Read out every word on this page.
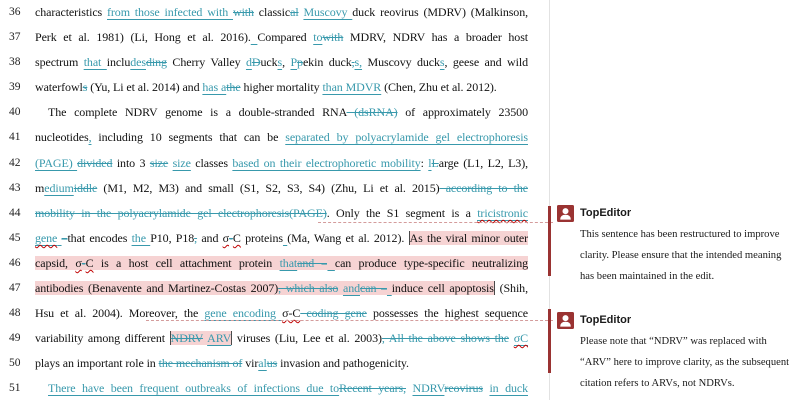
36	characteristics from those infected with with classical Muscovy duck reovirus (MDRV) (Malkinson,
37	Perk et al. 1981) (Li, Hong et al. 2016). Compared towith MDRV, NDRV has a broader host
38	spectrum that includesding Cherry Valley dDucks, Ppekin duck,s, Muscovy ducks, geese and wild
39	waterfowls (Yu, Li et al. 2014) and has athe higher mortality than MDVR (Chen, Zhu et al. 2012).
40	The complete NDRV genome is a double-stranded RNA (dsRNA) of approximately 23500
41	nucleotides, including 10 segments that can be separated by polyacrylamide gel electrophoresis
42	(PAGE) divided into 3 size size classes based on their electrophoretic mobility: lLarge (L1, L2, L3),
43	mediumiddle (M1, M2, M3) and small (S1, S2, S3, S4) (Zhu, Li et al. 2015) according to the
44	mobility in the polyacrylamide gel electrophoresis(PAGE). Only the S1 segment is a tricistronic
45	gene –that encodes the P10, P18, and σ-C proteins (Ma, Wang et al. 2012). As the viral minor outer
46	capsid, σ-C is a host cell attachment protein thatand – can produce type-specific neutralizing
47	antibodies (Benavente and Martinez-Costas 2007), which also andcan – induce cell apoptosis (Shih,
48	Hsu et al. 2004). Moreover, the gene encoding σ-C coding gene possesses the highest sequence
49	variability among different NDRV ARV viruses (Liu, Lee et al. 2003), All the above shows the σC
50	plays an important role in the mechanism of viralus invasion and pathogenicity.
51	There have been frequent outbreaks of infections due toRecent years, NDRVreovirus in duck
TopEditor
This sentence has been restructured to improve clarity. Please ensure that the intended meaning has been maintained in the edit.
TopEditor
Please note that “NDRV” was replaced with “ARV” here to improve clarity, as the subsequent citation refers to ARVs, not NDRVs.
